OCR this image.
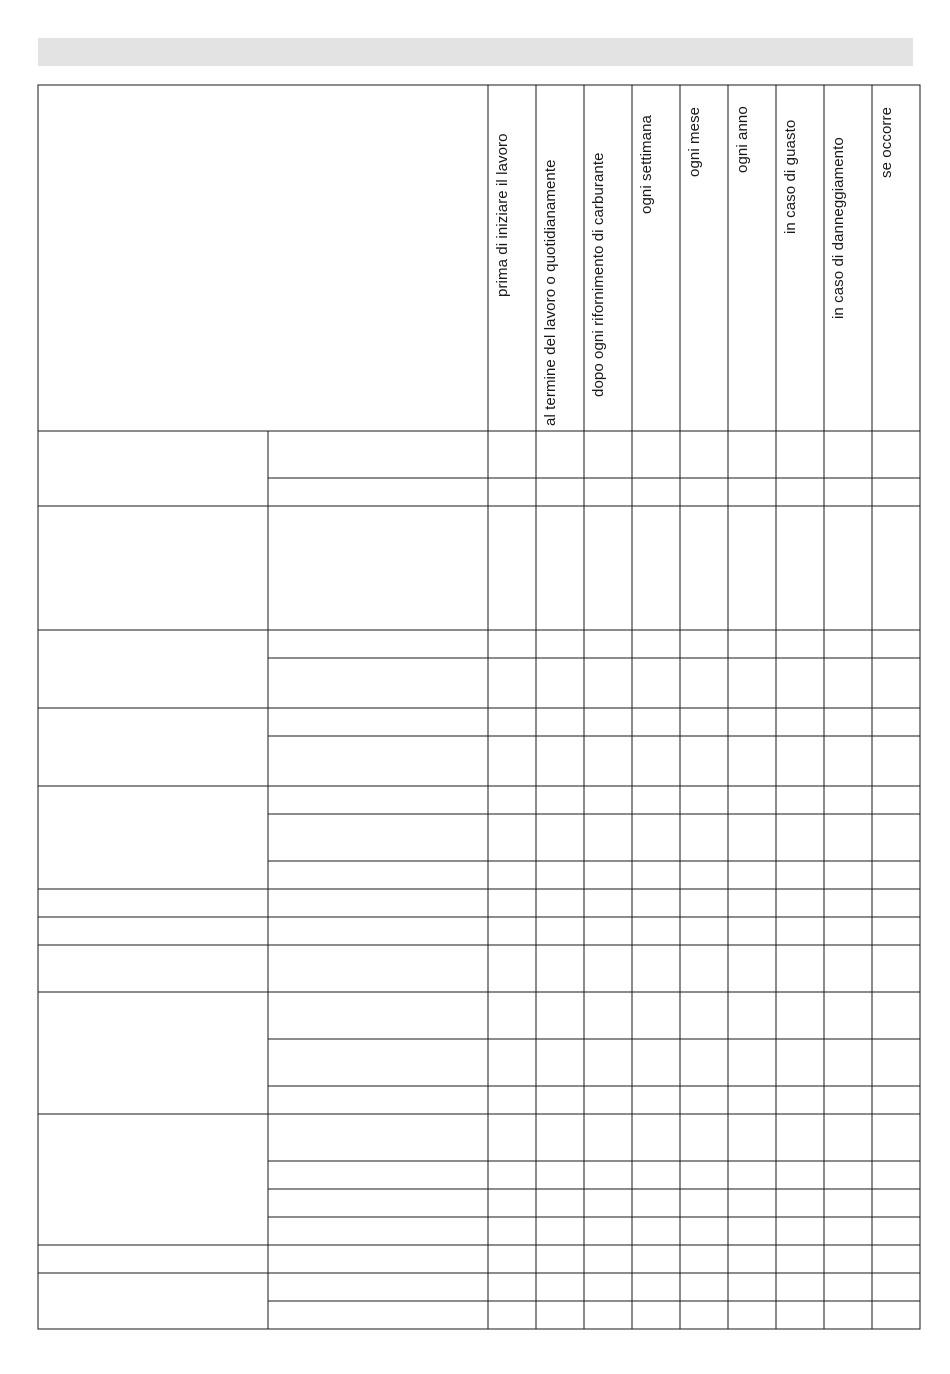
prima di iniziare il lavoro al termine del lavoro o quotidianamente dopo ogni rifornimento di carburante ogni settimana ogni mese ogni anno in caso di guasto in caso di danneggiamento se occorre
